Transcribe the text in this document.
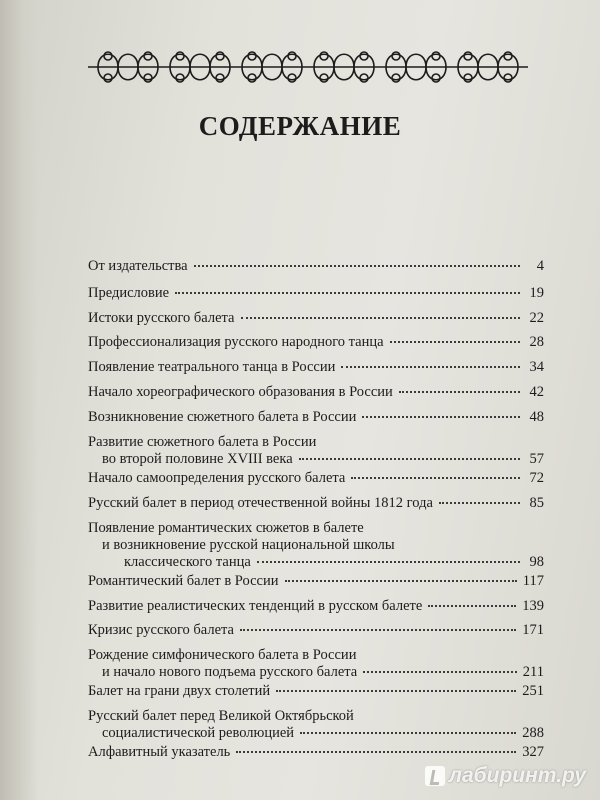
СОДЕРЖАНИЕ
От издательства	4
Предисловие	19
Истоки русского балета	22
Профессионализация русского народного танца	28
Появление театрального танца в России	34
Начало хореографического образования в России	42
Возникновение сюжетного балета в России	48
Развитие сюжетного балета в России
во второй половине XVIII века	57
Начало самоопределения русского балета	72
Русский балет в период отечественной войны 1812 года	85
Появление романтических сюжетов в балете
и возникновение русской национальной школы
классического танца	98
Романтический балет в России	117
Развитие реалистических тенденций в русском балете	139
Кризис русского балета	171
Рождение симфонического балета в России
и начало нового подъема русского балета	211
Балет на грани двух столетий	251
Русский балет перед Великой Октябрьской
социалистической революцией	288
Алфавитный указатель	327
лабиринт.ру
